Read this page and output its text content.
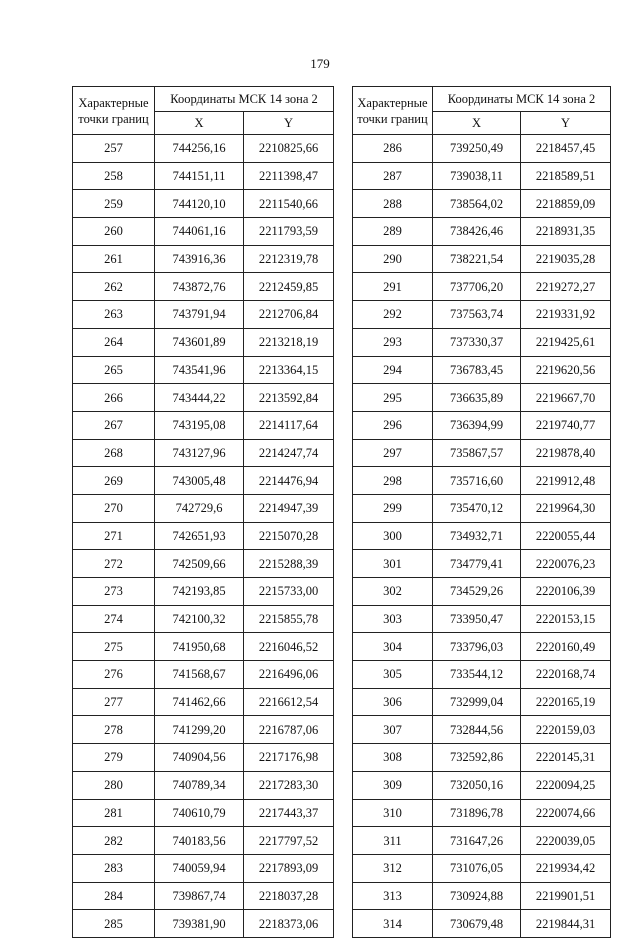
179
Характерные точки границ	Координаты МСК 14 зона 2	
	X	Y
257	744256,16	2210825,66
258	744151,11	2211398,47
259	744120,10	2211540,66
260	744061,16	2211793,59
261	743916,36	2212319,78
262	743872,76	2212459,85
263	743791,94	2212706,84
264	743601,89	2213218,19
265	743541,96	2213364,15
266	743444,22	2213592,84
267	743195,08	2214117,64
268	743127,96	2214247,74
269	743005,48	2214476,94
270	742729,6	2214947,39
271	742651,93	2215070,28
272	742509,66	2215288,39
273	742193,85	2215733,00
274	742100,32	2215855,78
275	741950,68	2216046,52
276	741568,67	2216496,06
277	741462,66	2216612,54
278	741299,20	2216787,06
279	740904,56	2217176,98
280	740789,34	2217283,30
281	740610,79	2217443,37
282	740183,56	2217797,52
283	740059,94	2217893,09
284	739867,74	2218037,28
285	739381,90	2218373,06
Характерные точки границ	Координаты МСК 14 зона 2	
	X	Y
286	739250,49	2218457,45
287	739038,11	2218589,51
288	738564,02	2218859,09
289	738426,46	2218931,35
290	738221,54	2219035,28
291	737706,20	2219272,27
292	737563,74	2219331,92
293	737330,37	2219425,61
294	736783,45	2219620,56
295	736635,89	2219667,70
296	736394,99	2219740,77
297	735867,57	2219878,40
298	735716,60	2219912,48
299	735470,12	2219964,30
300	734932,71	2220055,44
301	734779,41	2220076,23
302	734529,26	2220106,39
303	733950,47	2220153,15
304	733796,03	2220160,49
305	733544,12	2220168,74
306	732999,04	2220165,19
307	732844,56	2220159,03
308	732592,86	2220145,31
309	732050,16	2220094,25
310	731896,78	2220074,66
311	731647,26	2220039,05
312	731076,05	2219934,42
313	730924,88	2219901,51
314	730679,48	2219844,31
